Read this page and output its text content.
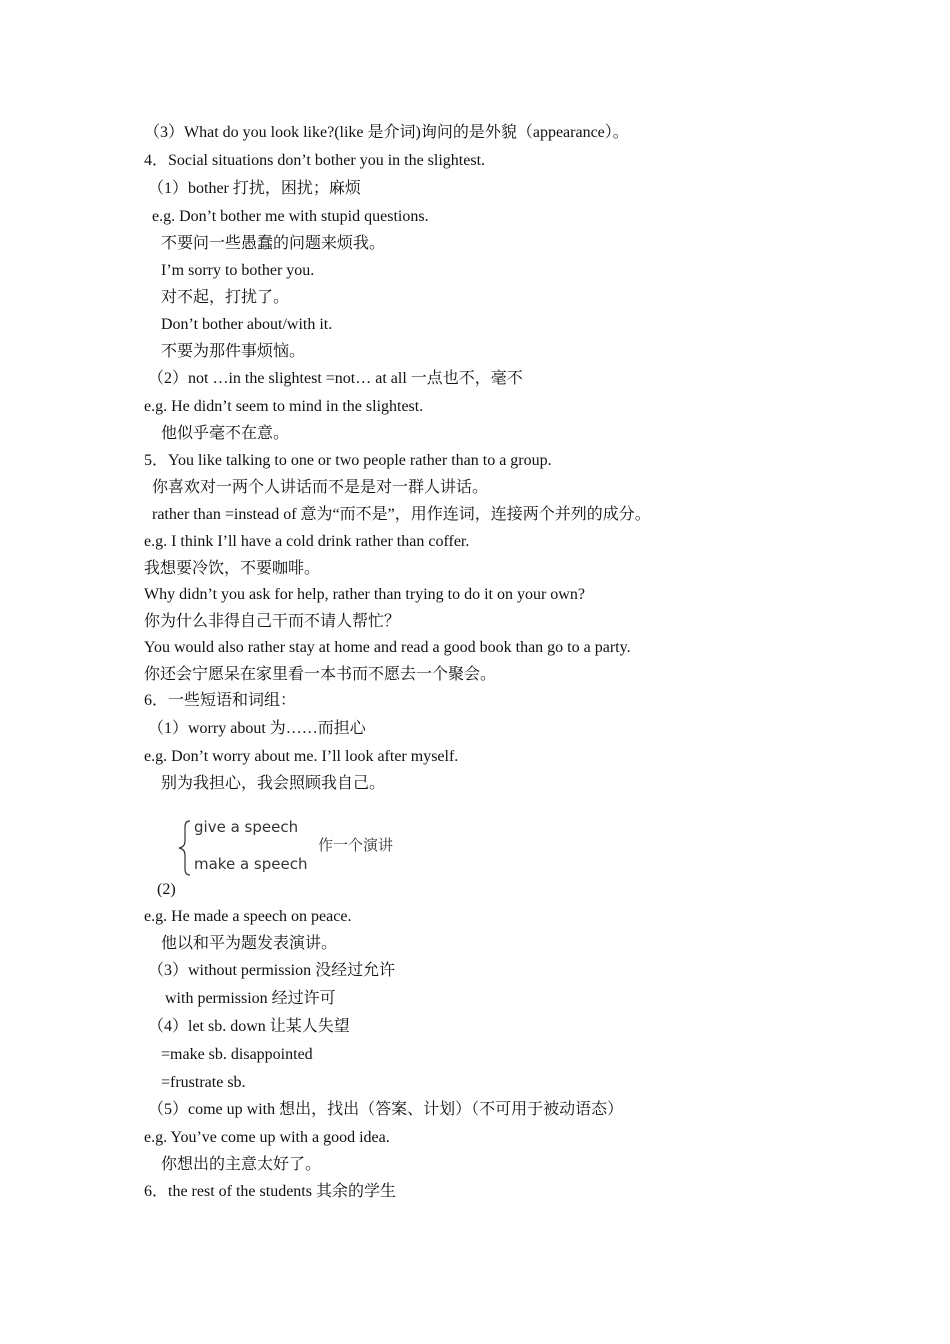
（3）What do you look like?(like 是介词)询问的是外貌（appearance）。
4．Social situations don’t bother you in the slightest.
（1）bother 打扰，困扰；麻烦
e.g. Don’t bother me with stupid questions.
不要问一些愚蠢的问题来烦我。
I’m sorry to bother you.
对不起，打扰了。
Don’t bother about/with it.
不要为那件事烦恼。
（2）not …in the slightest =not… at all 一点也不，毫不
e.g. He didn’t seem to mind in the slightest.
他似乎毫不在意。
5．You like talking to one or two people rather than to a group.
你喜欢对一两个人讲话而不是是对一群人讲话。
rather than =instead of 意为“而不是”，用作连词，连接两个并列的成分。
e.g. I think I’ll have a cold drink rather than coffer.
我想要冷饮，不要咖啡。
Why didn’t you ask for help, rather than trying to do it on your own?
你为什么非得自己干而不请人帮忙？
You would also rather stay at home and read a good book than go to a party.
你还会宁愿呆在家里看一本书而不愿去一个聚会。
6．一些短语和词组：
（1）worry about 为……而担心
e.g. Don’t worry about me. I’ll look after myself.
别为我担心，我会照顾我自己。
give a speech
make a speech
作一个演讲
(2)
e.g. He made a speech on peace.
他以和平为题发表演讲。
（3）without permission 没经过允许
with permission 经过许可
（4）let sb. down 让某人失望
=make sb. disappointed
=frustrate sb.
（5）come up with 想出，找出（答案、计划）（不可用于被动语态）
e.g. You’ve come up with a good idea.
你想出的主意太好了。
6．the rest of the students 其余的学生
